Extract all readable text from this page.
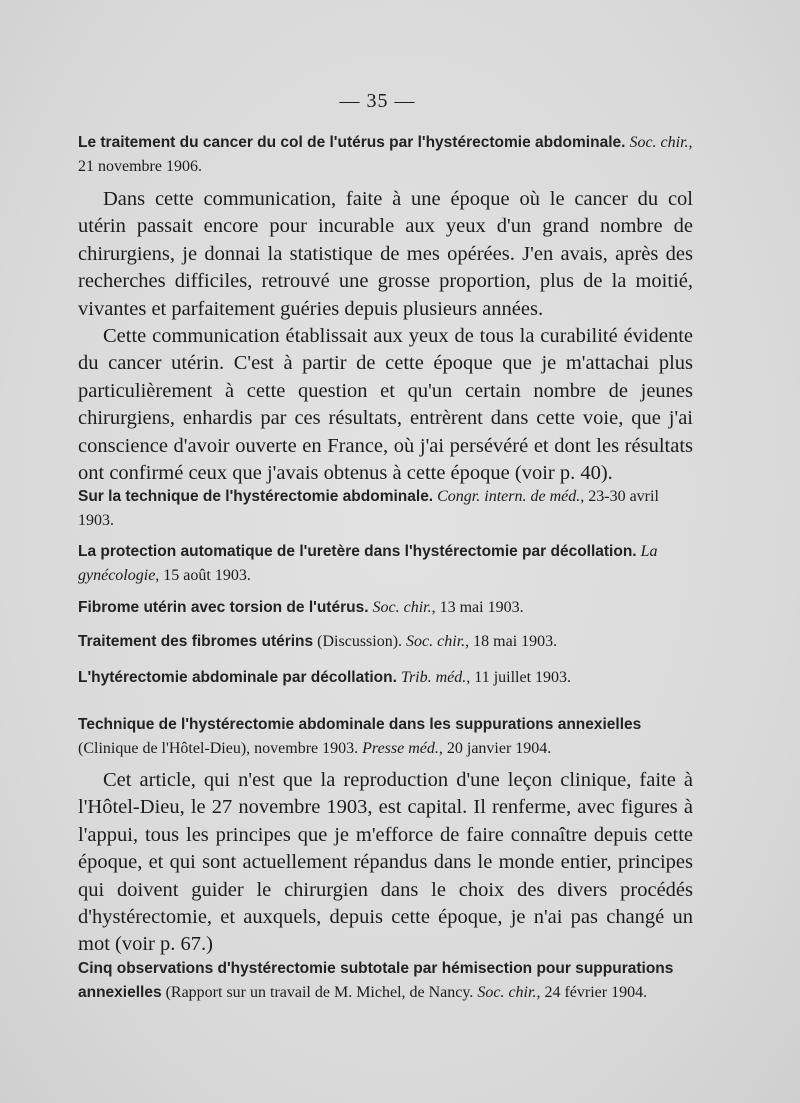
— 35 —

Le traitement du cancer du col de l'utérus par l'hystérectomie abdominale. Soc. chir., 21 novembre 1906.

Dans cette communication, faite à une époque où le cancer du col utérin passait encore pour incurable aux yeux d'un grand nombre de chirurgiens, je donnai la statistique de mes opérées. J'en avais, après des recherches difficiles, retrouvé une grosse proportion, plus de la moitié, vivantes et parfaitement guéries depuis plusieurs années.

Cette communication établissait aux yeux de tous la curabilité évidente du cancer utérin. C'est à partir de cette époque que je m'attachai plus particulièrement à cette question et qu'un certain nombre de jeunes chirurgiens, enhardis par ces résultats, entrèrent dans cette voie, que j'ai conscience d'avoir ouverte en France, où j'ai persévéré et dont les résultats ont confirmé ceux que j'avais obtenus à cette époque (voir p. 40).

Sur la technique de l'hystérectomie abdominale. Congr. intern. de méd., 23-30 avril 1903.

La protection automatique de l'uretère dans l'hystérectomie par décollation. La gynécologie, 15 août 1903.

Fibrome utérin avec torsion de l'utérus. Soc. chir., 13 mai 1903.

Traitement des fibromes utérins (Discussion). Soc. chir., 18 mai 1903.

L'hytérectomie abdominale par décollation. Trib. méd., 11 juillet 1903.

Technique de l'hystérectomie abdominale dans les suppurations annexielles (Clinique de l'Hôtel-Dieu), novembre 1903. Presse méd., 20 janvier 1904.

Cet article, qui n'est que la reproduction d'une leçon clinique, faite à l'Hôtel-Dieu, le 27 novembre 1903, est capital. Il renferme, avec figures à l'appui, tous les principes que je m'efforce de faire connaître depuis cette époque, et qui sont actuellement répandus dans le monde entier, principes qui doivent guider le chirurgien dans le choix des divers procédés d'hystérectomie, et auxquels, depuis cette époque, je n'ai pas changé un mot (voir p. 67.)

Cinq observations d'hystérectomie subtotale par hémisection pour suppurations annexielles (Rapport sur un travail de M. Michel, de Nancy. Soc. chir., 24 février 1904.
